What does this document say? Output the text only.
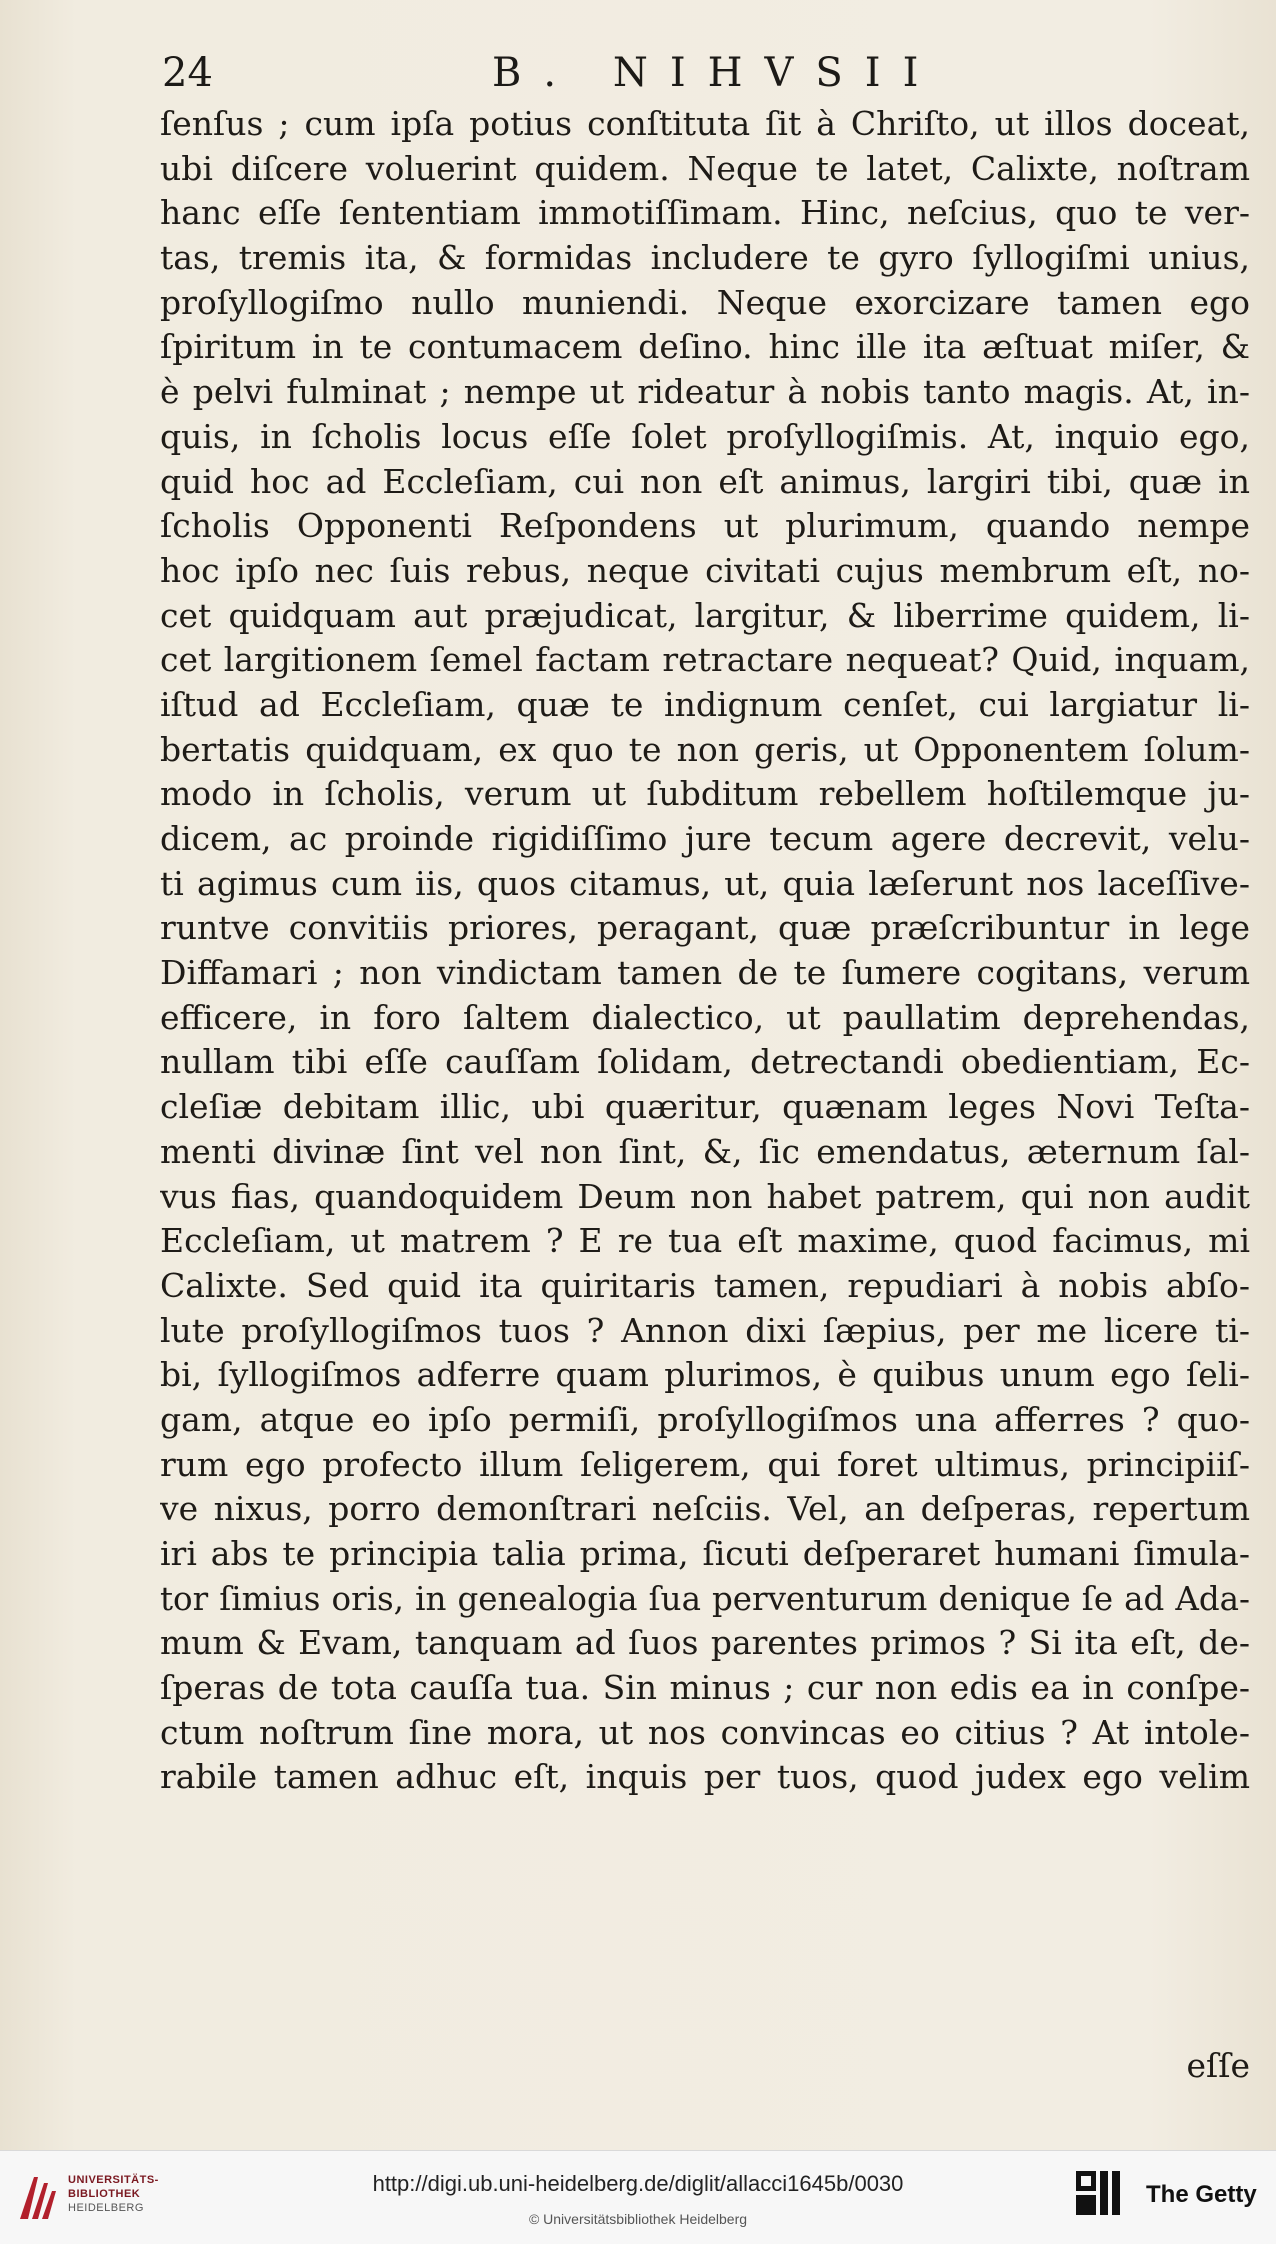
24	B. NIHVSII
ſenſus ; cum ipſa potius conſtituta ſit à Chriſto, ut illos doceat,
ubi diſcere voluerint quidem. Neque te latet, Calixte, noſtram
hanc eſſe ſententiam immotiſſimam. Hinc, neſcius, quo te ver-
tas, tremis ita, & formidas includere te gyro ſyllogiſmi unius,
proſyllogiſmo nullo muniendi. Neque exorcizare tamen ego
ſpiritum in te contumacem deſino. hinc ille ita æſtuat miſer, &
è pelvi fulminat ; nempe ut rideatur à nobis tanto magis. At, in-
quis, in ſcholis locus eſſe ſolet proſyllogiſmis. At, inquio ego,
quid hoc ad Eccleſiam, cui non eſt animus, largiri tibi, quæ in
ſcholis Opponenti Reſpondens ut plurimum, quando nempe
hoc ipſo nec ſuis rebus, neque civitati cujus membrum eſt, no-
cet quidquam aut præjudicat, largitur, & liberrime quidem, li-
cet largitionem ſemel factam retractare nequeat? Quid, inquam,
iſtud ad Eccleſiam, quæ te indignum cenſet, cui largiatur li-
bertatis quidquam, ex quo te non geris, ut Opponentem ſolum-
modo in ſcholis, verum ut ſubditum rebellem hoſtilemque ju-
dicem, ac proinde rigidiſſimo jure tecum agere decrevit, velu-
ti agimus cum iis, quos citamus, ut, quia læſerunt nos laceſſive-
runtve convitiis priores, peragant, quæ præſcribuntur in lege
Diffamari ; non vindictam tamen de te ſumere cogitans, verum
efficere, in foro ſaltem dialectico, ut paullatim deprehendas,
nullam tibi eſſe cauſſam ſolidam, detrectandi obedientiam, Ec-
cleſiæ debitam illic, ubi quæritur, quænam leges Novi Teſta-
menti divinæ ſint vel non ſint, &, ſic emendatus, æternum ſal-
vus fias, quandoquidem Deum non habet patrem, qui non audit
Eccleſiam, ut matrem ? E re tua eſt maxime, quod facimus, mi
Calixte. Sed quid ita quiritaris tamen, repudiari à nobis abſo-
lute proſyllogiſmos tuos ? Annon dixi ſæpius, per me licere ti-
bi, ſyllogiſmos adferre quam plurimos, è quibus unum ego ſeli-
gam, atque eo ipſo permiſi, proſyllogiſmos una afferres ? quo-
rum ego profecto illum ſeligerem, qui foret ultimus, principiiſ-
ve nixus, porro demonſtrari neſciis. Vel, an deſperas, repertum
iri abs te principia talia prima, ſicuti deſperaret humani ſimula-
tor ſimius oris, in genealogia ſua perventurum denique ſe ad Ada-
mum & Evam, tanquam ad ſuos parentes primos ? Si ita eſt, de-
ſperas de tota cauſſa tua. Sin minus ; cur non edis ea in conſpe-
ctum noſtrum ſine mora, ut nos convincas eo citius ? At intole-
rabile tamen adhuc eſt, inquis per tuos, quod judex ego velim
eſſe
UNIVERSITÄTS-
BIBLIOTHEK
HEIDELBERG
http://digi.ub.uni-heidelberg.de/diglit/allacci1645b/0030
© Universitätsbibliothek Heidelberg
The Getty
